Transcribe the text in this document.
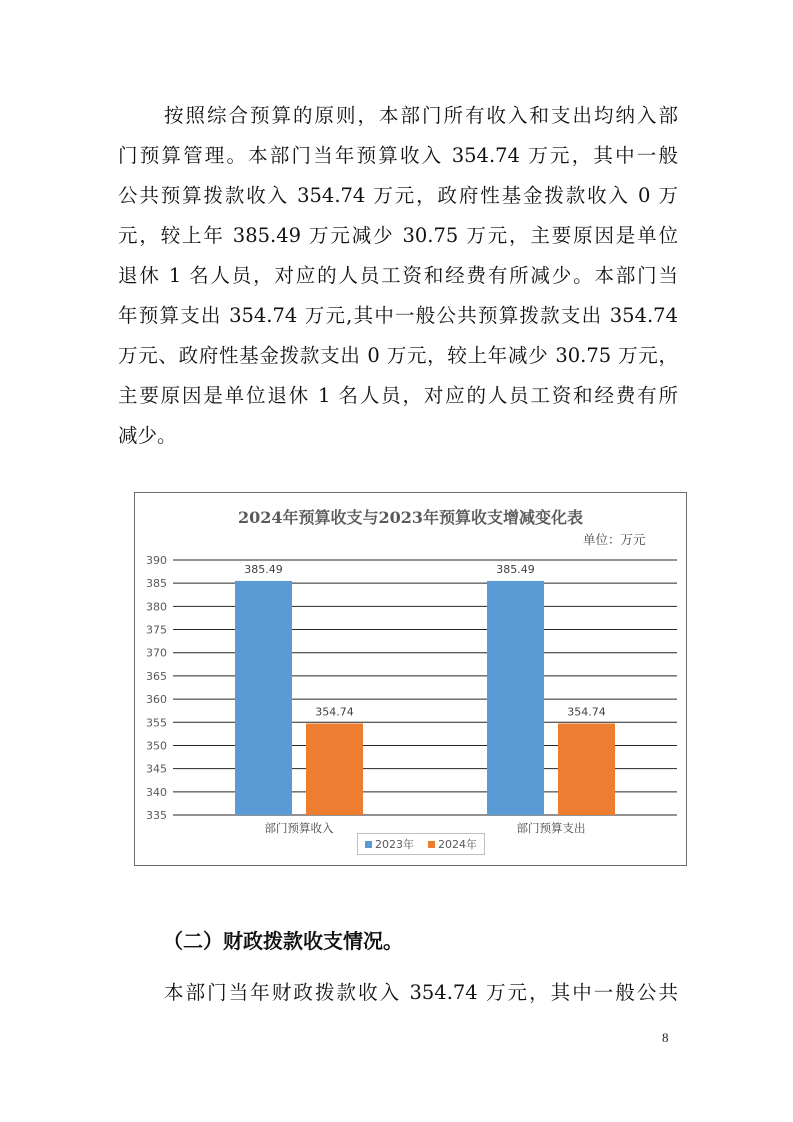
按照综合预算的原则，本部门所有收入和支出均纳入部
门预算管理。本部门当年预算收入 354.74 万元，其中一般
公共预算拨款收入 354.74 万元，政府性基金拨款收入 0 万
元，较上年 385.49 万元减少 30.75 万元，主要原因是单位
退休 1 名人员，对应的人员工资和经费有所减少。本部门当
年预算支出 354.74 万元,其中一般公共预算拨款支出 354.74
万元、政府性基金拨款支出 0 万元，较上年减少 30.75 万元，
主要原因是单位退休 1 名人员，对应的人员工资和经费有所
减少。
2024年预算收支与2023年预算收支增减变化表
单位：万元
335
340
345
350
355
360
365
370
375
380
385
390
385.49
354.74
部门预算收入
385.49
354.74
部门预算支出
2023年 2024年
（二）财政拨款收支情况。
本部门当年财政拨款收入 354.74 万元，其中一般公共
8
